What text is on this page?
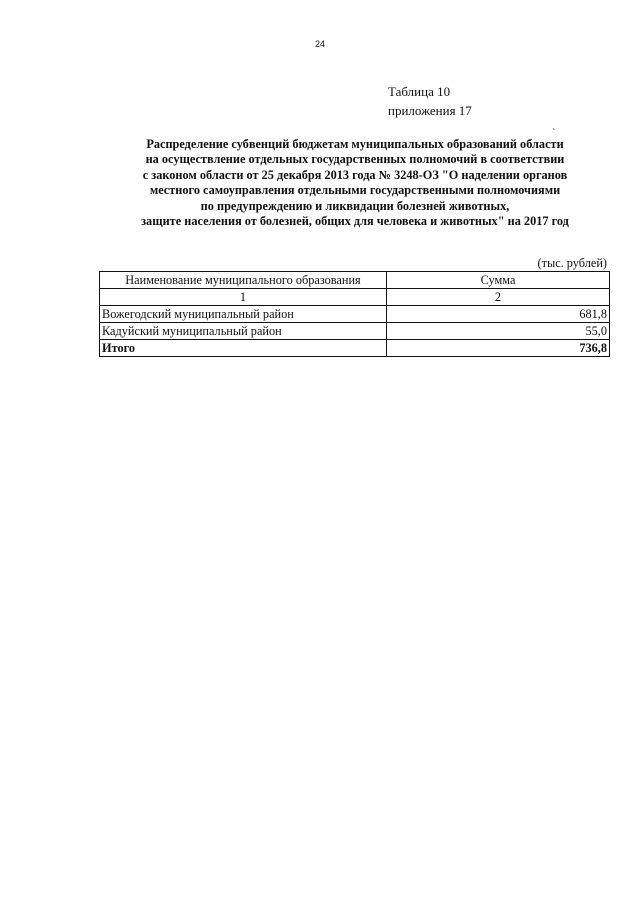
24
ˋ
Таблица 10
приложения 17
Распределение субвенций бюджетам муниципальных образований области
на осуществление отдельных государственных полномочий в соответствии
с законом области от 25 декабря 2013 года № 3248-ОЗ "О наделении органов
местного самоуправления отдельными государственными полномочиями
по предупреждению и ликвидации болезней животных,
защите населения от болезней, общих для человека и животных" на 2017 год
(тыс. рублей)
Наименование муниципального образования	Сумма
1	2
Вожегодский муниципальный район	681,8
Кадуйский муниципальный район	55,0
Итого	736,8
